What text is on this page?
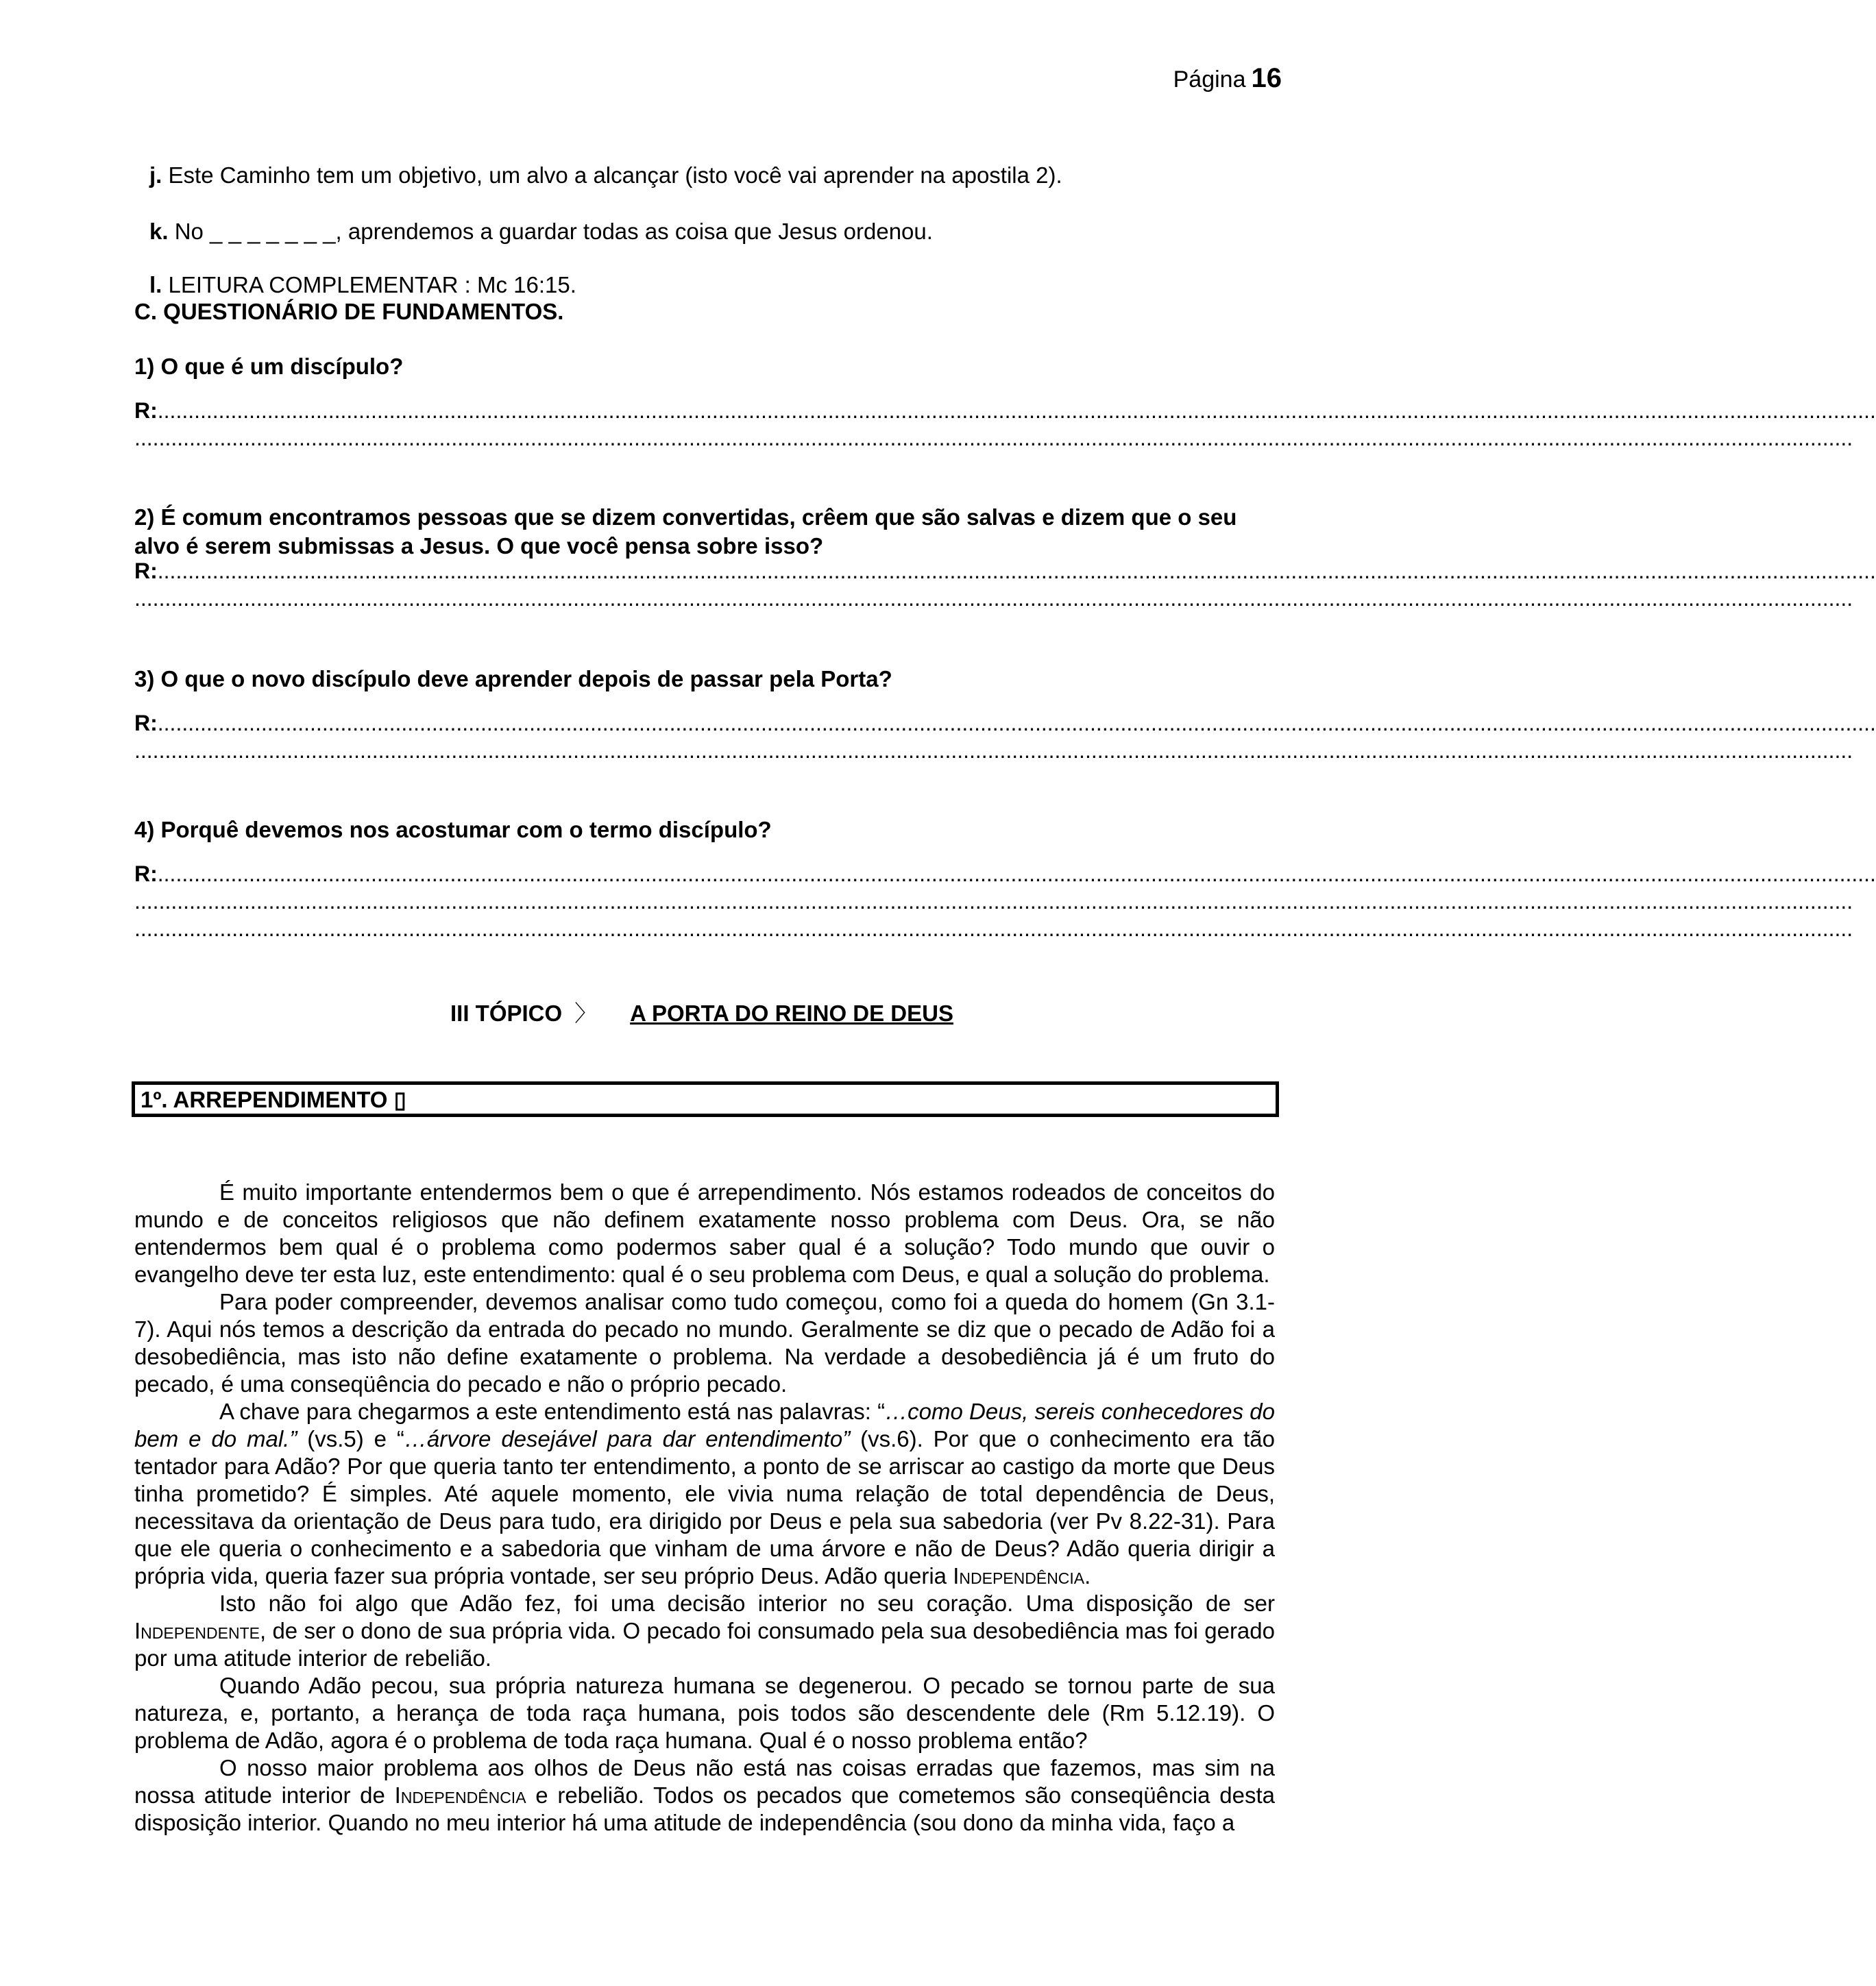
Página 16
j. Este Caminho tem um objetivo, um alvo a alcançar (isto você vai aprender na apostila 2).
k. No _ _ _ _ _ _ _, aprendemos a guardar todas as coisa que Jesus ordenou.
l. LEITURA COMPLEMENTAR : Mc 16:15.
C. QUESTIONÁRIO DE FUNDAMENTOS.
1) O que é um discípulo?
R:..........................................................................................................................................................................................................................................................................................
..........................................................................................................................................................................................................................................................................................
2) É comum encontramos pessoas que se dizem convertidas, crêem que são salvas e dizem que o seu alvo é serem submissas a Jesus. O que você pensa sobre isso?
R:..........................................................................................................................................................................................................................................................................................
..........................................................................................................................................................................................................................................................................................
3) O que o novo discípulo deve aprender depois de passar pela Porta?
R:..........................................................................................................................................................................................................................................................................................
..........................................................................................................................................................................................................................................................................................
4) Porquê devemos nos acostumar com o termo discípulo?
R:..........................................................................................................................................................................................................................................................................................
..........................................................................................................................................................................................................................................................................................
..........................................................................................................................................................................................................................................................................................
III TÓPICO 〉 A PORTA DO REINO DE DEUS
1º. ARREPENDIMENTO ▯

É muito importante entendermos bem o que é arrependimento. Nós estamos rodeados de conceitos do mundo e de conceitos religiosos que não definem exatamente nosso problema com Deus. Ora, se não entendermos bem qual é o problema como podermos saber qual é a solução? Todo mundo que ouvir o evangelho deve ter esta luz, este entendimento: qual é o seu problema com Deus, e qual a solução do problema.

Para poder compreender, devemos analisar como tudo começou, como foi a queda do homem (Gn 3.1-7). Aqui nós temos a descrição da entrada do pecado no mundo. Geralmente se diz que o pecado de Adão foi a desobediência, mas isto não define exatamente o problema. Na verdade a desobediência já é um fruto do pecado, é uma conseqüência do pecado e não o próprio pecado.

A chave para chegarmos a este entendimento está nas palavras: “…como Deus, sereis conhecedores do bem e do mal.” (vs.5) e “…árvore desejável para dar entendimento” (vs.6). Por que o conhecimento era tão tentador para Adão? Por que queria tanto ter entendimento, a ponto de se arriscar ao castigo da morte que Deus tinha prometido? É simples. Até aquele momento, ele vivia numa relação de total dependência de Deus, necessitava da orientação de Deus para tudo, era dirigido por Deus e pela sua sabedoria (ver Pv 8.22-31). Para que ele queria o conhecimento e a sabedoria que vinham de uma árvore e não de Deus? Adão queria dirigir a própria vida, queria fazer sua própria vontade, ser seu próprio Deus. Adão queria Independência.

Isto não foi algo que Adão fez, foi uma decisão interior no seu coração. Uma disposição de ser Independente, de ser o dono de sua própria vida. O pecado foi consumado pela sua desobediência mas foi gerado por uma atitude interior de rebelião.

Quando Adão pecou, sua própria natureza humana se degenerou. O pecado se tornou parte de sua natureza, e, portanto, a herança de toda raça humana, pois todos são descendente dele (Rm 5.12.19). O problema de Adão, agora é o problema de toda raça humana. Qual é o nosso problema então?

O nosso maior problema aos olhos de Deus não está nas coisas erradas que fazemos, mas sim na nossa atitude interior de Independência e rebelião. Todos os pecados que cometemos são conseqüência desta disposição interior. Quando no meu interior há uma atitude de independência (sou dono da minha vida, faço a
